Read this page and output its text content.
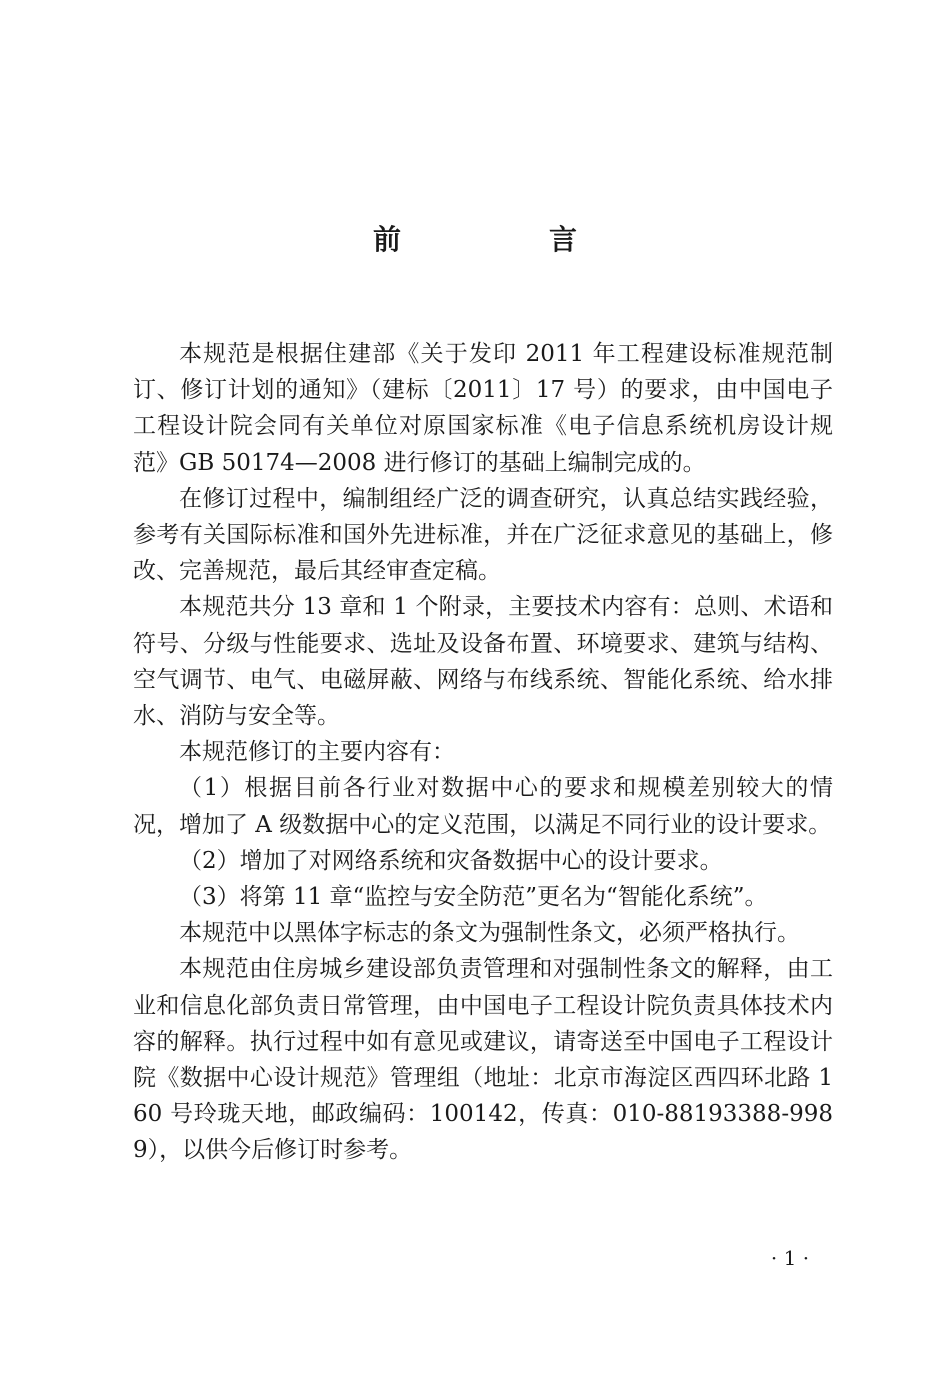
前　言

本规范是根据住建部《关于发印 2011 年工程建设标准规范制订、修订计划的通知》（建标〔2011〕17 号）的要求，由中国电子工程设计院会同有关单位对原国家标准《电子信息系统机房设计规范》GB 50174—2008 进行修订的基础上编制完成的。

在修订过程中，编制组经广泛的调查研究，认真总结实践经验，参考有关国际标准和国外先进标准，并在广泛征求意见的基础上，修改、完善规范，最后其经审查定稿。

本规范共分 13 章和 1 个附录，主要技术内容有：总则、术语和符号、分级与性能要求、选址及设备布置、环境要求、建筑与结构、空气调节、电气、电磁屏蔽、网络与布线系统、智能化系统、给水排水、消防与安全等。

本规范修订的主要内容有：

（1）根据目前各行业对数据中心的要求和规模差别较大的情况，增加了 A 级数据中心的定义范围，以满足不同行业的设计要求。

（2）增加了对网络系统和灾备数据中心的设计要求。

（3）将第 11 章“监控与安全防范”更名为“智能化系统”。

本规范中以黑体字标志的条文为强制性条文，必须严格执行。

本规范由住房城乡建设部负责管理和对强制性条文的解释，由工业和信息化部负责日常管理，由中国电子工程设计院负责具体技术内容的解释。执行过程中如有意见或建议，请寄送至中国电子工程设计院《数据中心设计规范》管理组（地址：北京市海淀区西四环北路 160 号玲珑天地，邮政编码：100142，传真：010-88193388-9989），以供今后修订时参考。

· 1 ·
